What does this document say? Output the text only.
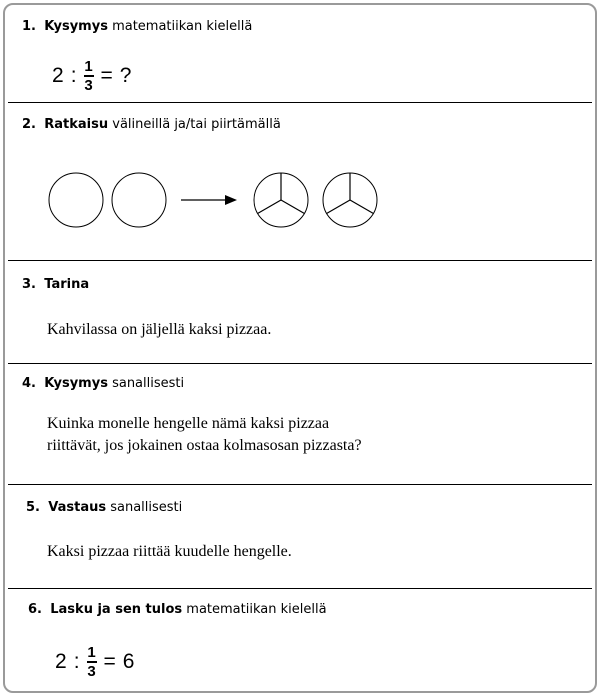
1. Kysymys matematiikan kielellä
2 : $\frac{1}{3}$ = ?
2. Ratkaisu välineillä ja/tai piirtämällä
3. Tarina
Kahvilassa on jäljellä kaksi pizzaa.
4. Kysymys sanallisesti
Kuinka monelle hengelle nämä kaksi pizzaa
riittävät, jos jokainen ostaa kolmasosan pizzasta?
5. Vastaus sanallisesti
Kaksi pizzaa riittää kuudelle hengelle.
6. Lasku ja sen tulos matematiikan kielellä
2 : $\frac{1}{3} = 6$
